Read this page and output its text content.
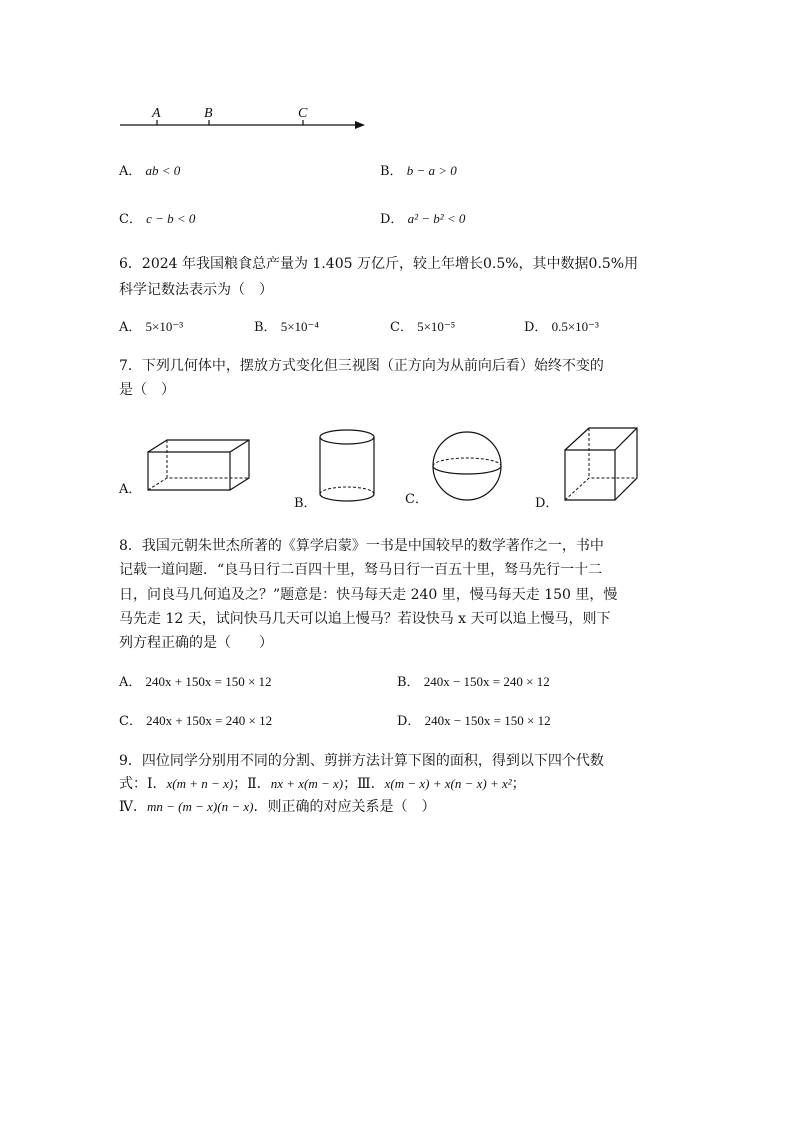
A	B	C
A． ab < 0	B． b − a > 0
C． c − b < 0	D． a² − b² < 0
6．2024 年我国粮食总产量为 1.405 万亿斤，较上年增长0.5%，其中数据0.5%用
科学记数法表示为（　）
A． 5×10⁻³	B． 5×10⁻⁴	C． 5×10⁻⁵	D． 0.5×10⁻³
7．下列几何体中，摆放方式变化但三视图（正方向为从前向后看）始终不变的
是（　）
A．
B．	C．	D．
8．我国元朝朱世杰所著的《算学启蒙》一书是中国较早的数学著作之一，书中
记载一道问题．“良马日行二百四十里，驽马日行一百五十里，驽马先行一十二
日，问良马几何追及之？”题意是：快马每天走 240 里，慢马每天走 150 里，慢
马先走 12 天，试问快马几天可以追上慢马？若设快马 x 天可以追上慢马，则下
列方程正确的是（　　）
A． 240x + 150x = 150 × 12	B． 240x − 150x = 240 × 12
C． 240x + 150x = 240 × 12	D． 240x − 150x = 150 × 12
9．四位同学分别用不同的分割、剪拼方法计算下图的面积，得到以下四个代数
式：Ⅰ．x(m + n − x)；Ⅱ．nx + x(m − x)；Ⅲ．x(m − x) + x(n − x) + x²；
Ⅳ．mn − (m − x)(n − x)．则正确的对应关系是（　）
